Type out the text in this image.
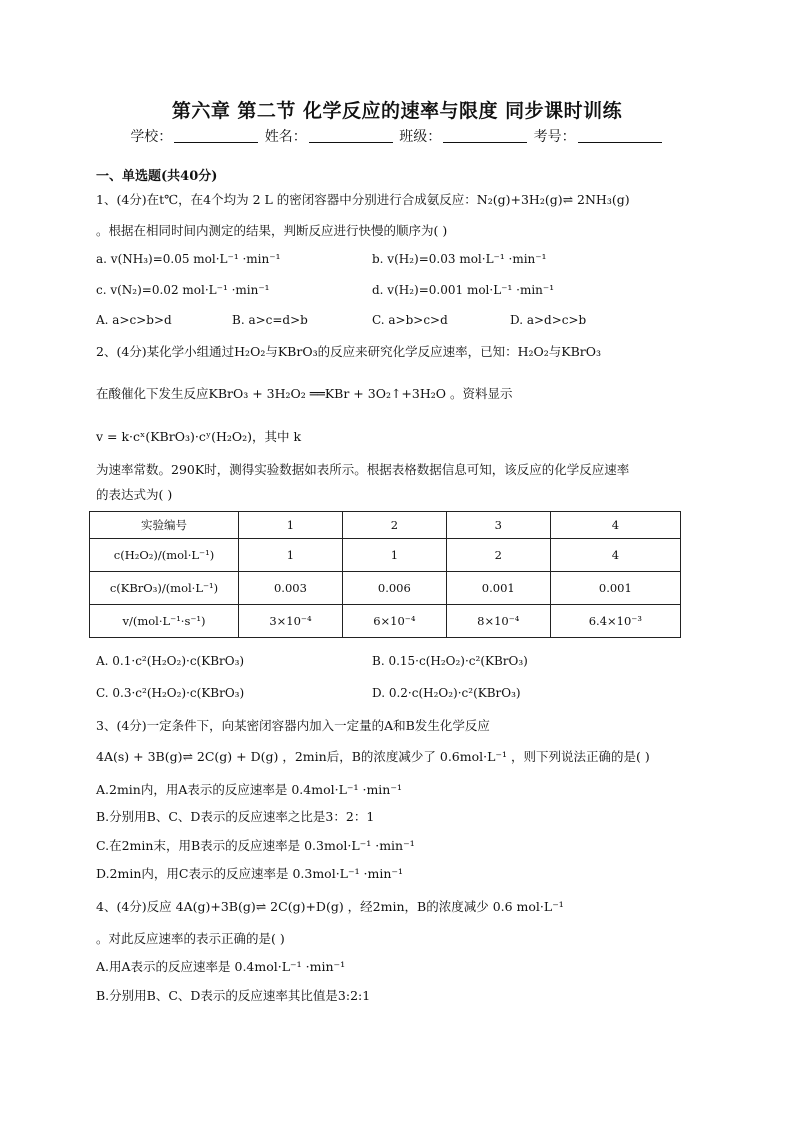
第六章 第二节 化学反应的速率与限度 同步课时训练
学校：	姓名：	班级：	考号：
一、单选题(共40分)
1、(4分)在t℃，在4个均为 2 L 的密闭容器中分别进行合成氨反应：N₂(g)+3H₂(g)⇌ 2NH₃(g)
。根据在相同时间内测定的结果，判断反应进行快慢的顺序为( )
a. v(NH₃)=0.05 mol·L⁻¹ ·min⁻¹	b. v(H₂)=0.03 mol·L⁻¹ ·min⁻¹
c. v(N₂)=0.02 mol·L⁻¹ ·min⁻¹	d. v(H₂)=0.001 mol·L⁻¹ ·min⁻¹
A. a>c>b>d	B. a>c=d>b	C. a>b>c>d	D. a>d>c>b
2、(4分)某化学小组通过H₂O₂与KBrO₃的反应来研究化学反应速率，已知：H₂O₂与KBrO₃
在酸催化下发生反应KBrO₃ + 3H₂O₂ ══KBr + 3O₂↑+3H₂O 。资料显示
v = k·cˣ(KBrO₃)·cʸ(H₂O₂)，其中 k
为速率常数。290K时，测得实验数据如表所示。根据表格数据信息可知，该反应的化学反应速率
的表达式为( )
实验编号	1	2	3	4
c(H₂O₂)/(mol·L⁻¹)	1	1	2	4
c(KBrO₃)/(mol·L⁻¹)	0.003	0.006	0.001	0.001
v/(mol·L⁻¹·s⁻¹)	3×10⁻⁴	6×10⁻⁴	8×10⁻⁴	6.4×10⁻³
A. 0.1·c²(H₂O₂)·c(KBrO₃)	B. 0.15·c(H₂O₂)·c²(KBrO₃)
C. 0.3·c²(H₂O₂)·c(KBrO₃)	D. 0.2·c(H₂O₂)·c²(KBrO₃)
3、(4分)一定条件下，向某密闭容器内加入一定量的A和B发生化学反应
4A(s) + 3B(g)⇌ 2C(g) + D(g) ，2min后，B的浓度减少了 0.6mol·L⁻¹ ，则下列说法正确的是( )
A.2min内，用A表示的反应速率是 0.4mol·L⁻¹ ·min⁻¹
B.分别用B、C、D表示的反应速率之比是3：2：1
C.在2min末，用B表示的反应速率是 0.3mol·L⁻¹ ·min⁻¹
D.2min内，用C表示的反应速率是 0.3mol·L⁻¹ ·min⁻¹
4、(4分)反应 4A(g)+3B(g)⇌ 2C(g)+D(g) ，经2min，B的浓度减少 0.6 mol·L⁻¹
。对此反应速率的表示正确的是( )
A.用A表示的反应速率是 0.4mol·L⁻¹ ·min⁻¹
B.分别用B、C、D表示的反应速率其比值是3:2:1
